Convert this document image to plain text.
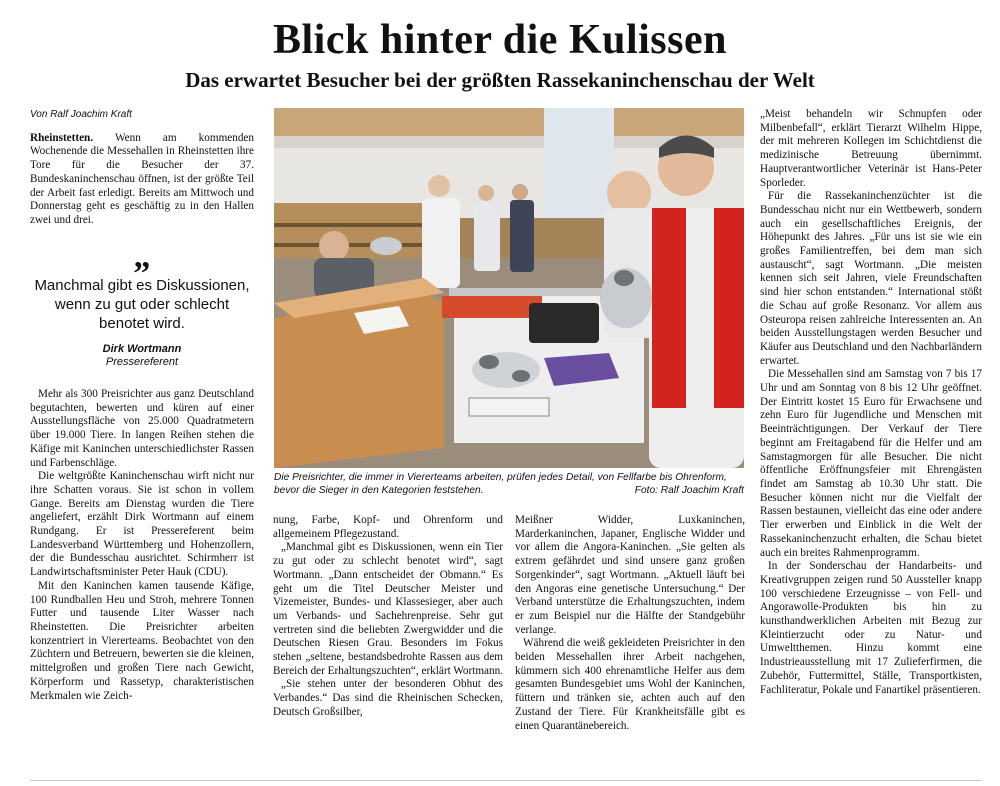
Blick hinter die Kulissen
Das erwartet Besucher bei der größten Rassekaninchenschau der Welt
Von Ralf Joachim Kraft

Rheinstetten. Wenn am kommenden Wochenende die Messehallen in Rheinstetten ihre Tore für die Besucher der 37. Bundeskaninchenschau öffnen, ist der größte Teil der Arbeit fast erledigt. Bereits am Mittwoch und Donnerstag geht es geschäftig zu in den Hallen zwei und drei.

„
Manchmal gibt es Diskussionen, wenn zu gut oder schlecht benotet wird.
Dirk Wortmann
Pressereferent

Mehr als 300 Preisrichter aus ganz Deutschland begutachten, bewerten und küren auf einer Ausstellungsfläche von 25.000 Quadratmetern über 19.000 Tiere. In langen Reihen stehen die Käfige mit Kaninchen unterschiedlichster Rassen und Farbenschläge.

Die weltgrößte Kaninchenschau wirft nicht nur ihre Schatten voraus. Sie ist schon in vollem Gange. Bereits am Dienstag wurden die Tiere angeliefert, erzählt Dirk Wortmann auf einem Rundgang. Er ist Pressereferent beim Landesverband Württemberg und Hohenzollern, der die Bundesschau ausrichtet. Schirmherr ist Landwirtschaftsminister Peter Hauk (CDU).

Mit den Kaninchen kamen tausende Käfige, 100 Rundballen Heu und Stroh, mehrere Tonnen Futter und tausende Liter Wasser nach Rheinstetten. Die Preisrichter arbeiten konzentriert in Viererteams. Beobachtet von den Züchtern und Betreuern, bewerten sie die kleinen, mittelgroßen und großen Tiere nach Gewicht, Körperform und Rassetyp, charakteristischen Merkmalen wie Zeich-

Die Preisrichter, die immer in Viererteams arbeiten, prüfen jedes Detail, von Fellfarbe bis Ohrenform, bevor die Sieger in den Kategorien feststehen.	Foto: Ralf Joachim Kraft

nung, Farbe, Kopf- und Ohrenform und allgemeinem Pflegezustand.

„Manchmal gibt es Diskussionen, wenn ein Tier zu gut oder zu schlecht benotet wird“, sagt Wortmann. „Dann entscheidet der Obmann.“ Es geht um die Titel Deutscher Meister und Vizemeister, Bundes- und Klassesieger, aber auch um Verbands- und Sachehrenpreise. Sehr gut vertreten sind die beliebten Zwergwidder und die Deutschen Riesen Grau. Besonders im Fokus stehen „seltene, bestandsbedrohte Rassen aus dem Bereich der Erhaltungszuchten“, erklärt Wortmann.

„Sie stehen unter der besonderen Obhut des Verbandes.“ Das sind die Rheinischen Schecken, Deutsch Großsilber,

Meißner Widder, Luxkaninchen, Marderkaninchen, Japaner, Englische Widder und vor allem die Angora-Kaninchen. „Sie gelten als extrem gefährdet und sind unsere ganz großen Sorgenkinder“, sagt Wortmann. „Aktuell läuft bei den Angoras eine genetische Untersuchung.“ Der Verband unterstütze die Erhaltungszuchten, indem er zum Beispiel nur die Hälfte der Standgebühr verlange.

Während die weiß gekleideten Preisrichter in den beiden Messehallen ihrer Arbeit nachgehen, kümmern sich 400 ehrenamtliche Helfer aus dem gesamten Bundesgebiet ums Wohl der Kaninchen, füttern und tränken sie, achten auch auf den Zustand der Tiere. Für Krankheitsfälle gibt es einen Quarantänebereich.

„Meist behandeln wir Schnupfen oder Milbenbefall“, erklärt Tierarzt Wilhelm Hippe, der mit mehreren Kollegen im Schichtdienst die medizinische Betreuung übernimmt. Hauptverantwortlicher Veterinär ist Hans-Peter Sporleder.

Für die Rassekaninchenzüchter ist die Bundesschau nicht nur ein Wettbewerb, sondern auch ein gesellschaftliches Ereignis, der Höhepunkt des Jahres. „Für uns ist sie wie ein großes Familientreffen, bei dem man sich austauscht“, sagt Wortmann. „Die meisten kennen sich seit Jahren, viele Freundschaften sind hier schon entstanden.“ International stößt die Schau auf große Resonanz. Vor allem aus Osteuropa reisen zahlreiche Interessenten an. An beiden Ausstellungstagen werden Besucher und Käufer aus Deutschland und den Nachbarländern erwartet.

Die Messehallen sind am Samstag von 7 bis 17 Uhr und am Sonntag von 8 bis 12 Uhr geöffnet. Der Eintritt kostet 15 Euro für Erwachsene und zehn Euro für Jugendliche und Menschen mit Beeinträchtigungen. Der Verkauf der Tiere beginnt am Freitagabend für die Helfer und am Samstagmorgen für alle Besucher. Die nicht öffentliche Eröffnungsfeier mit Ehrengästen findet am Samstag ab 10.30 Uhr statt. Die Besucher können nicht nur die Vielfalt der Rassen bestaunen, vielleicht das eine oder andere Tier erwerben und Einblick in die Welt der Rassekaninchenzucht erhalten, die Schau bietet auch ein breites Rahmenprogramm.

In der Sonderschau der Handarbeits- und Kreativgruppen zeigen rund 50 Aussteller knapp 100 verschiedene Erzeugnisse – von Fell- und Angorawolle-Produkten bis hin zu kunsthandwerklichen Arbeiten mit Bezug zur Kleintierzucht oder zu Natur- und Umweltthemen. Hinzu kommt eine Industrieausstellung mit 17 Zulieferfirmen, die Zubehör, Futtermittel, Ställe, Transportkisten, Fachliteratur, Pokale und Fanartikel präsentieren.
